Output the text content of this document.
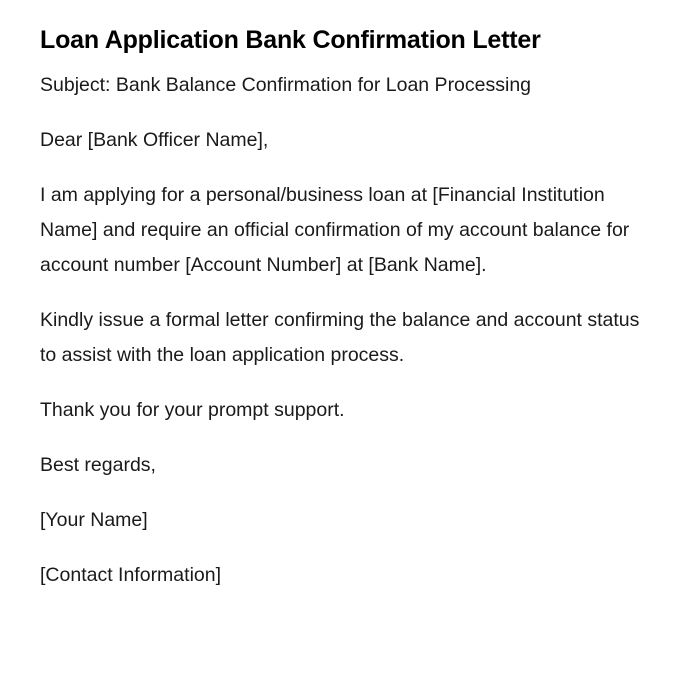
Loan Application Bank Confirmation Letter

Subject: Bank Balance Confirmation for Loan Processing

Dear [Bank Officer Name],

I am applying for a personal/business loan at [Financial Institution Name] and require an official confirmation of my account balance for account number [Account Number] at [Bank Name].

Kindly issue a formal letter confirming the balance and account status to assist with the loan application process.

Thank you for your prompt support.

Best regards,

[Your Name]

[Contact Information]
